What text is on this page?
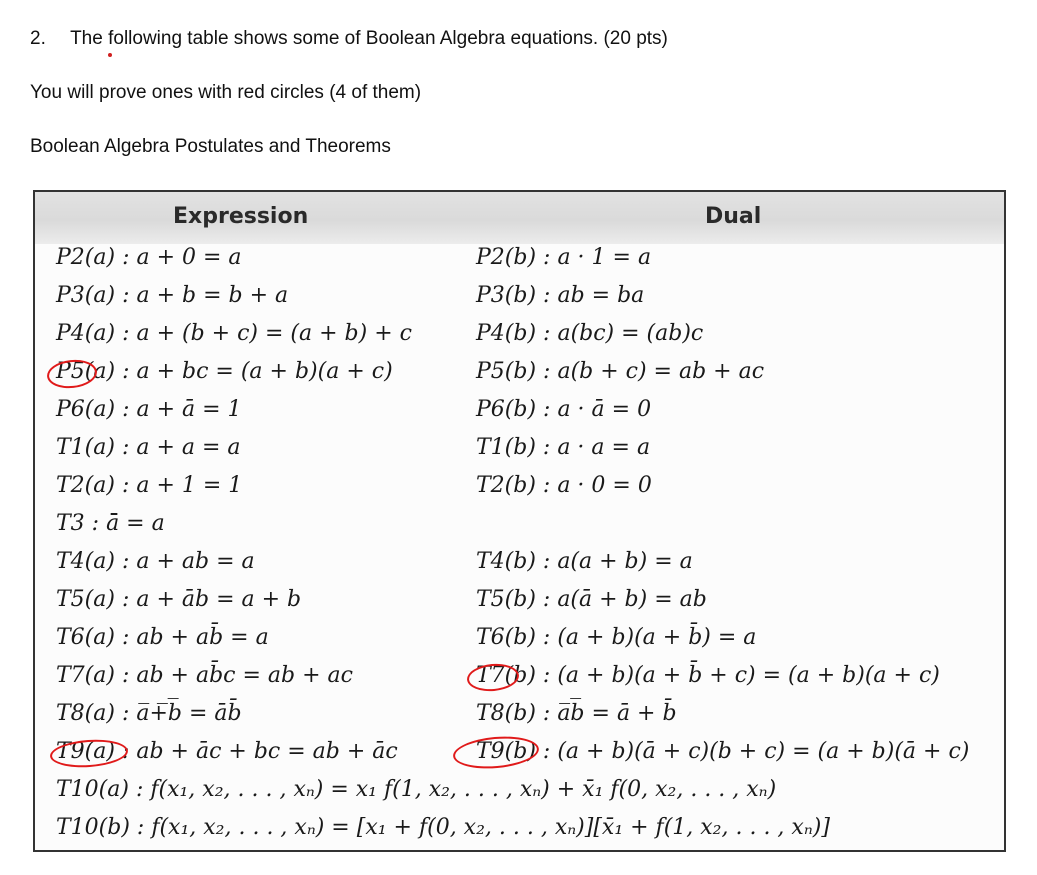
2. The following table shows some of Boolean Algebra equations. (20 pts)
You will prove ones with red circles (4 of them)
Boolean Algebra Postulates and Theorems
Expression	Dual
P2(a) : a + 0 = a
P3(a) : a + b = b + a
P4(a) : a + (b + c) = (a + b) + c
P5(a) : a + bc = (a + b)(a + c)
P6(a) : a + ā = 1
T1(a) : a + a = a
T2(a) : a + 1 = 1
T3 : ā̄ = a
T4(a) : a + ab = a
T5(a) : a + āb = a + b
T6(a) : ab + ab̄ = a
T7(a) : ab + ab̄c = ab + ac
T8(a) : a̅+̅b̅ = āb̄
T9(a) : ab + āc + bc = ab + āc
P2(b) : a · 1 = a
P3(b) : ab = ba
P4(b) : a(bc) = (ab)c
P5(b) : a(b + c) = ab + ac
P6(b) : a · ā = 0
T1(b) : a · a = a
T2(b) : a · 0 = 0
T4(b) : a(a + b) = a
T5(b) : a(ā + b) = ab
T6(b) : (a + b)(a + b̄) = a
T7(b) : (a + b)(a + b̄ + c) = (a + b)(a + c)
T8(b) : a̅b̅ = ā + b̄
T9(b) : (a + b)(ā + c)(b + c) = (a + b)(ā + c)
T10(a) : f(x₁, x₂, . . . , xₙ) = x₁ f(1, x₂, . . . , xₙ) + x̄₁ f(0, x₂, . . . , xₙ)
T10(b) : f(x₁, x₂, . . . , xₙ) = [x₁ + f(0, x₂, . . . , xₙ)][x̄₁ + f(1, x₂, . . . , xₙ)]
